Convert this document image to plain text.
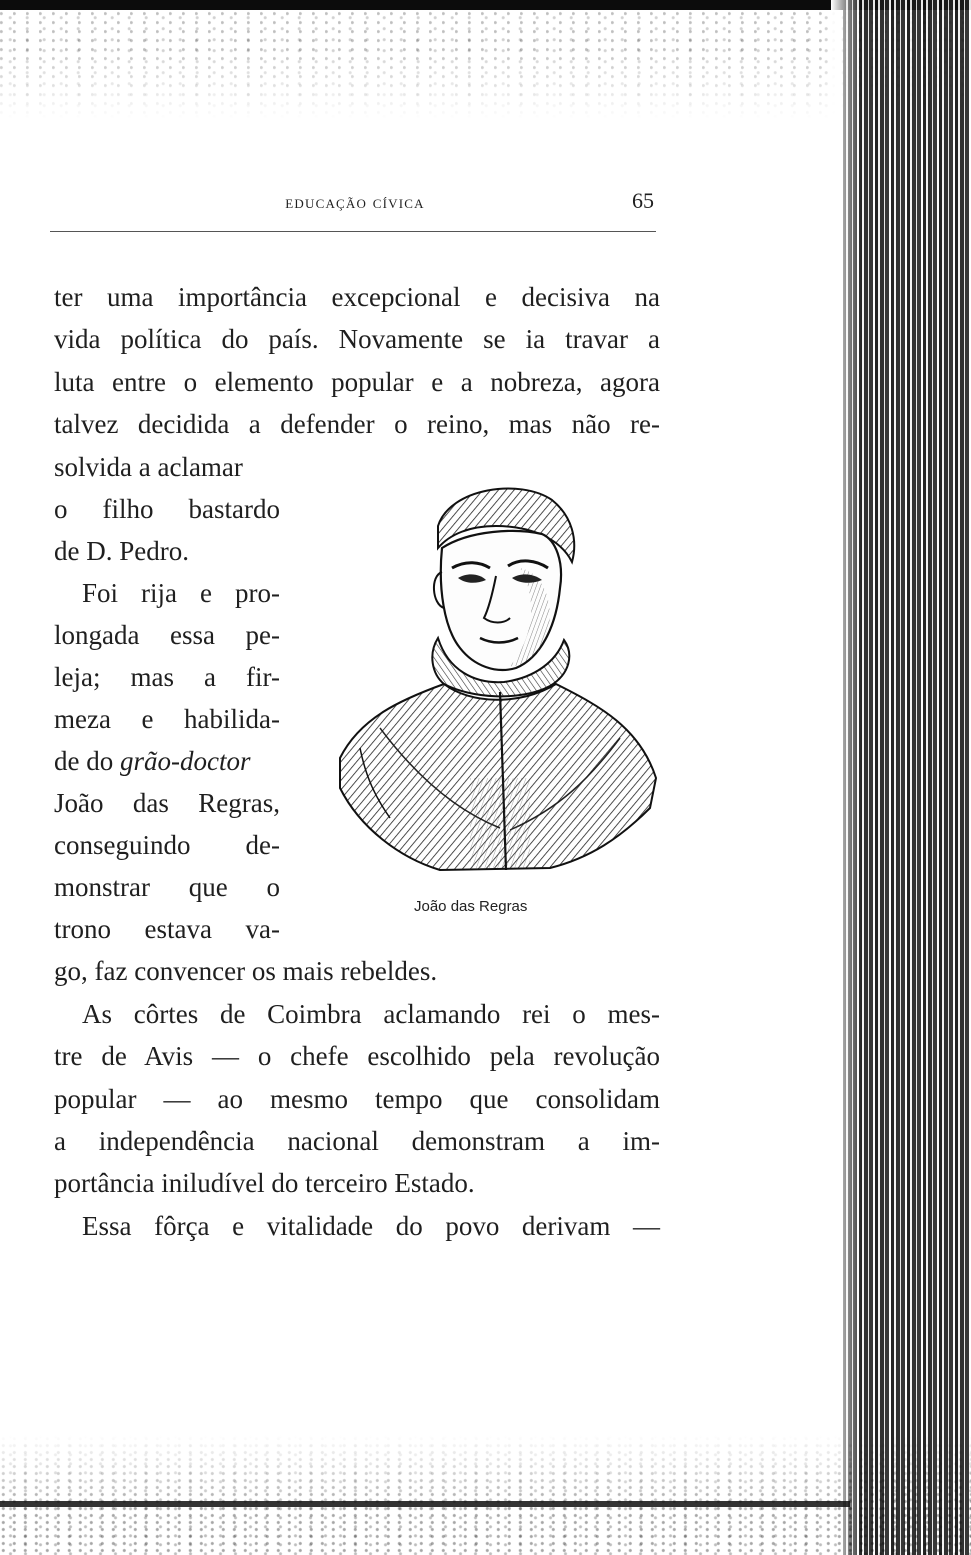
educação cívica	65
ter uma importância excepcional e decisiva na
vida política do país. Novamente se ia travar a
luta entre o elemento popular e a nobreza, agora
talvez decidida a defender o reino, mas não re-
solvida a aclamar
o filho bastardo
de D. Pedro.
Foi rija e pro-
longada essa pe-
leja; mas a fir-
meza e habilida-
de do grão-doctor
João das Regras,
conseguindo de-
monstrar que o
trono estava va-
go, faz convencer os mais rebeldes.
As côrtes de Coimbra aclamando rei o mes-
tre de Avis — o chefe escolhido pela revolução
popular — ao mesmo tempo que consolidam
a independência nacional demonstram a im-
portância iniludível do terceiro Estado.
Essa fôrça e vitalidade do povo derivam —
João das Regras
